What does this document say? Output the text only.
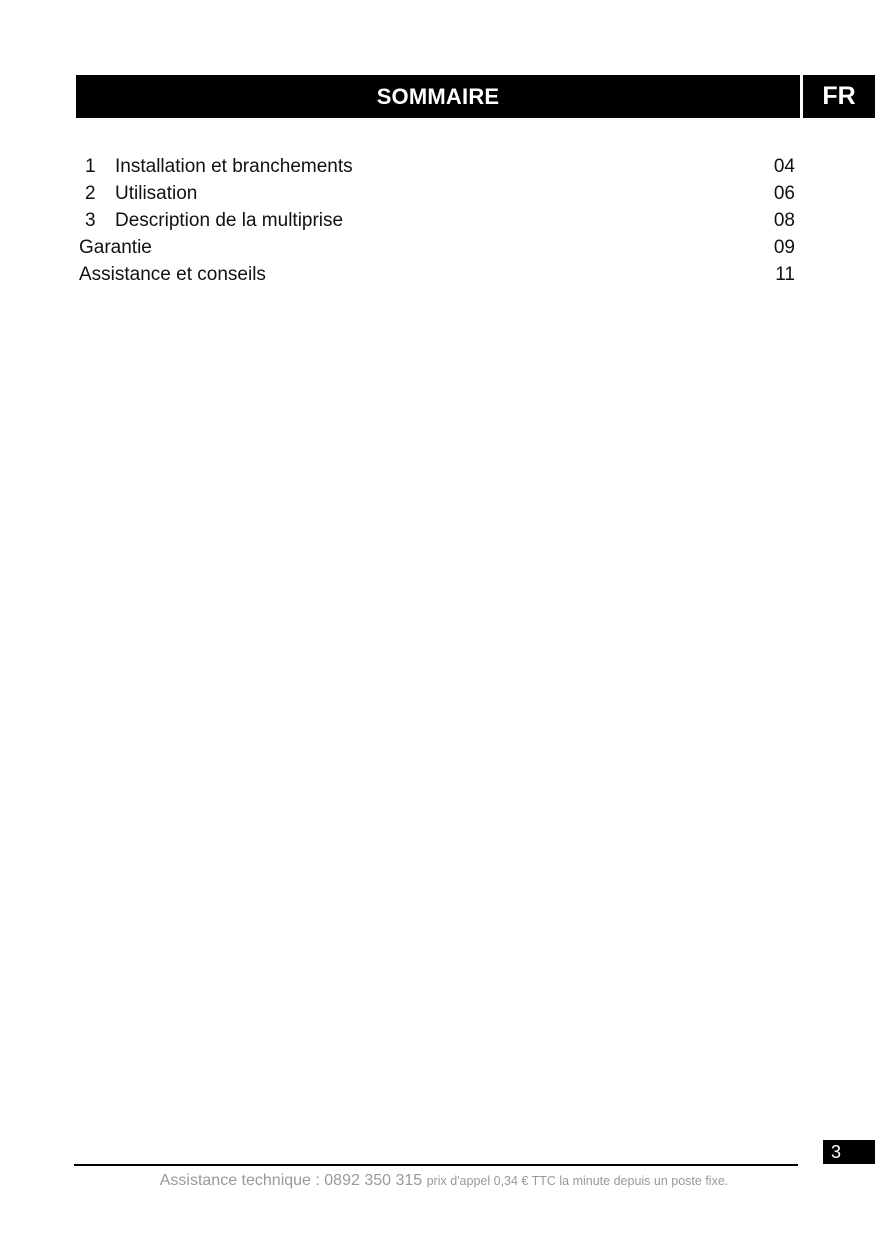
SOMMAIRE	FR
1 Installation et branchements	04
2 Utilisation	06
3 Description de la multiprise	08
Garantie	09
Assistance et conseils	11
3
Assistance technique : 0892 350 315 prix d'appel 0,34 € TTC la minute depuis un poste fixe.
